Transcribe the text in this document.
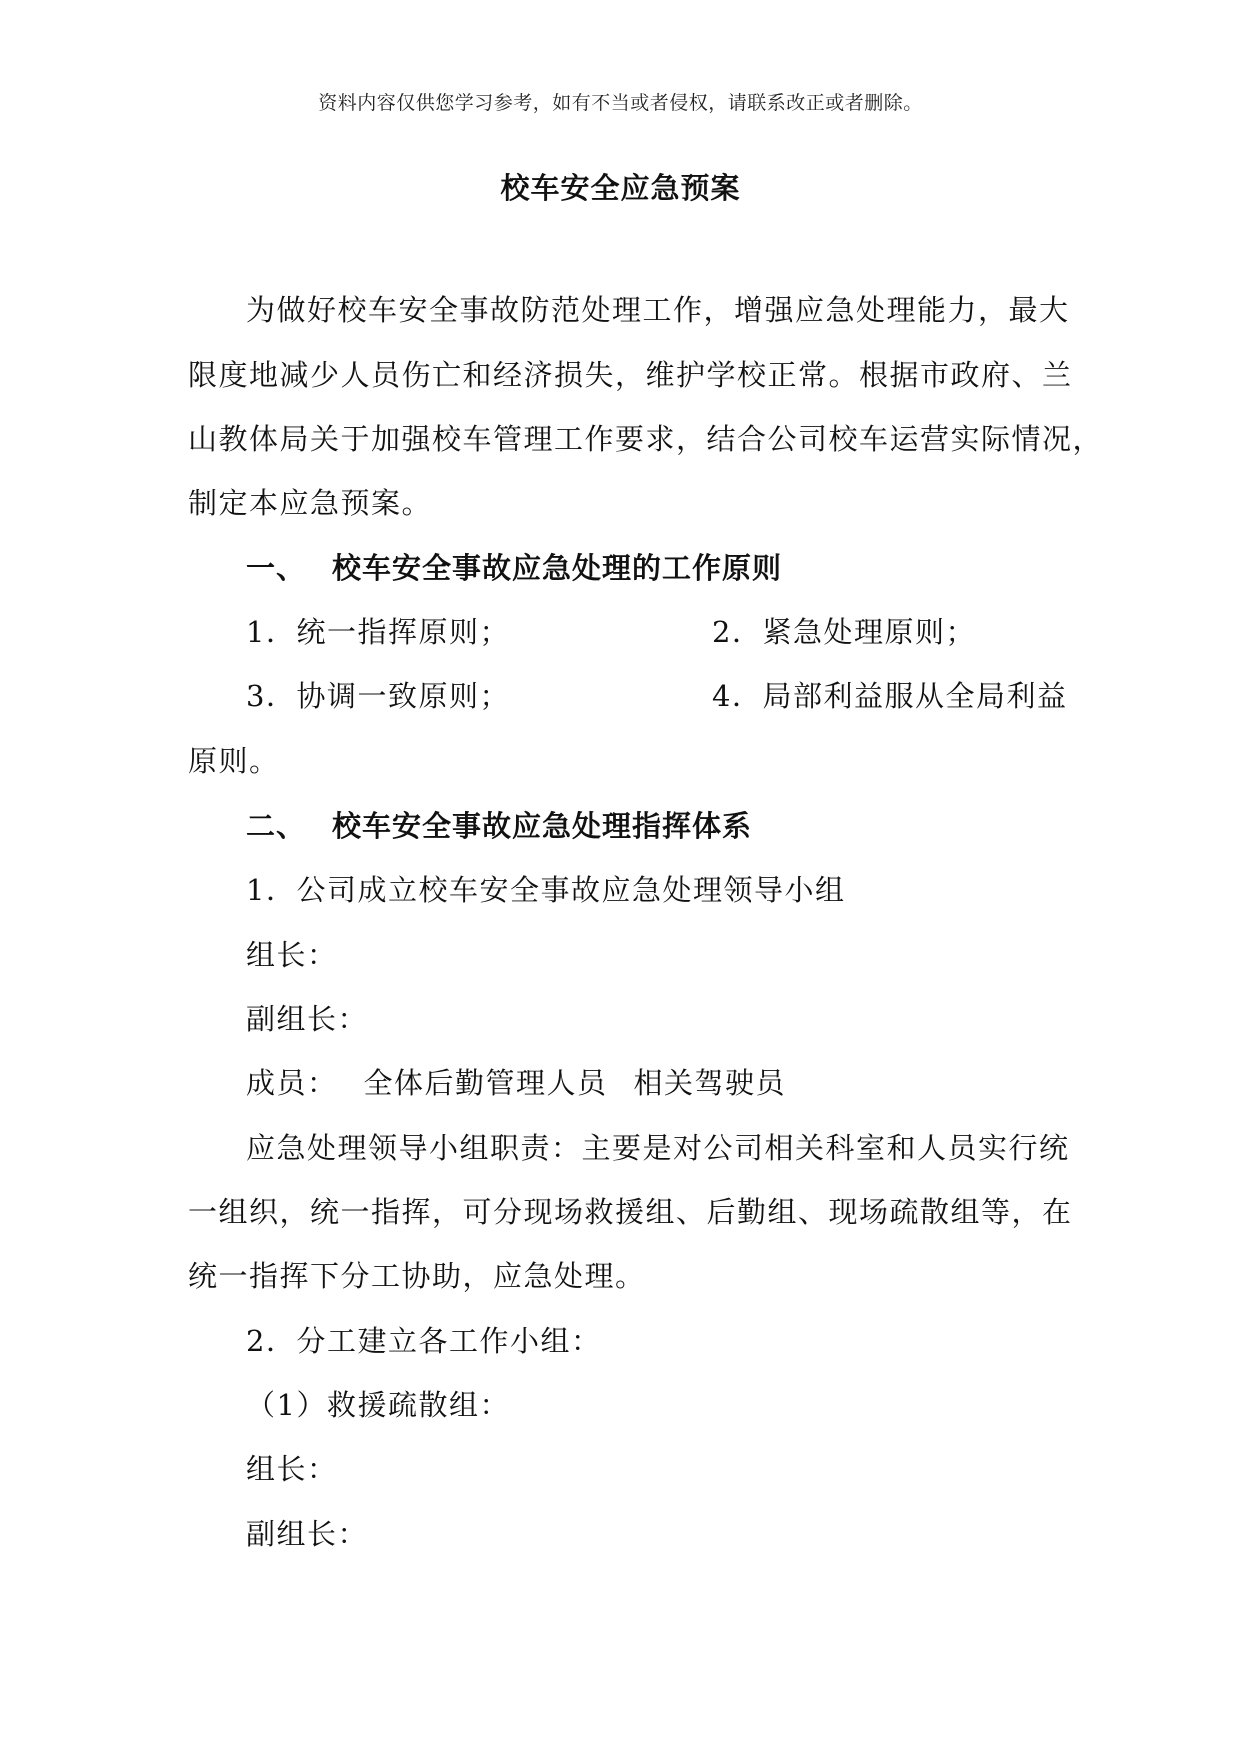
资料内容仅供您学习参考，如有不当或者侵权，请联系改正或者删除。
校车安全应急预案
为做好校车安全事故防范处理工作，增强应急处理能力，最大
限度地减少人员伤亡和经济损失，维护学校正常。根据市政府、兰
山教体局关于加强校车管理工作要求，结合公司校车运营实际情况，
制定本应急预案。
一、 校车安全事故应急处理的工作原则
1．统一指挥原则；	2．紧急处理原则；
3．协调一致原则；	4．局部利益服从全局利益
原则。
二、 校车安全事故应急处理指挥体系
1．公司成立校车安全事故应急处理领导小组
组长：
副组长：
成员： 全体后勤管理人员 相关驾驶员
应急处理领导小组职责：主要是对公司相关科室和人员实行统
一组织，统一指挥，可分现场救援组、后勤组、现场疏散组等，在
统一指挥下分工协助，应急处理。
2．分工建立各工作小组：
（1）救援疏散组：
组长：
副组长：
